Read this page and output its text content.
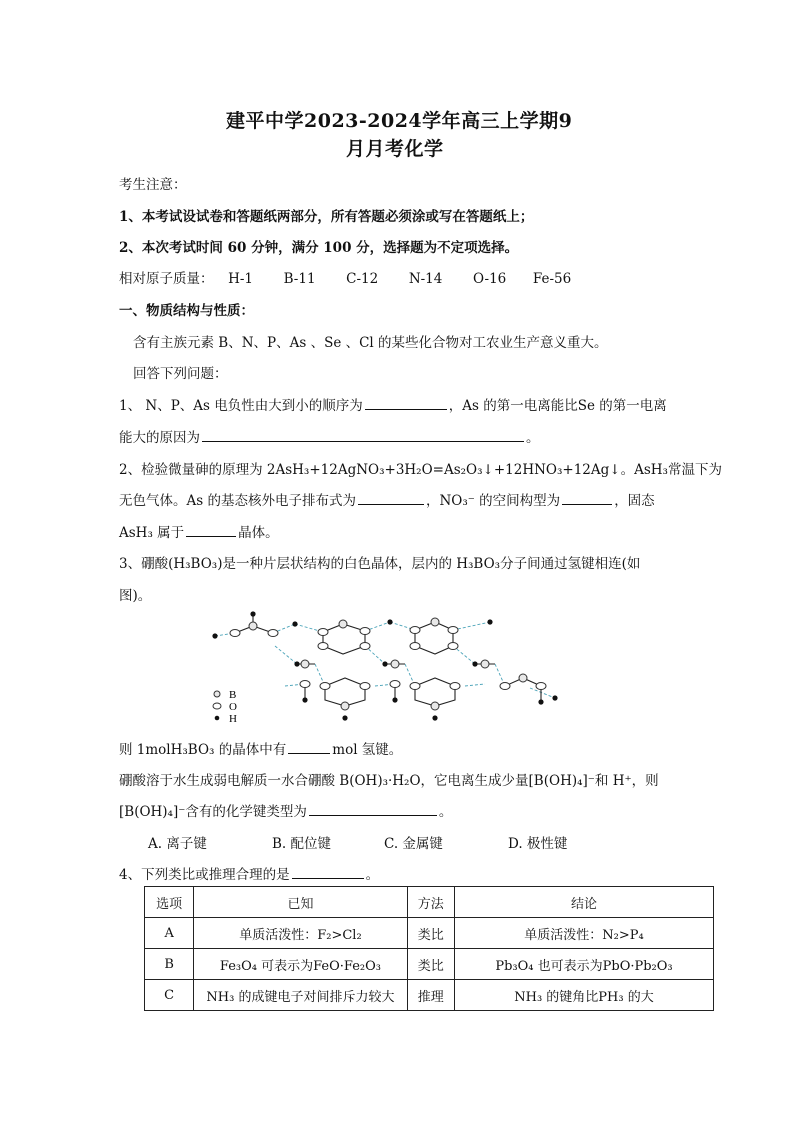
建平中学2023-2024学年高三上学期9
月月考化学
考生注意：
1、本考试设试卷和答题纸两部分，所有答题必须涂或写在答题纸上；
2、本次考试时间 60 分钟，满分 100 分，选择题为不定项选择。
相对原子质量： H-1 B-11 C-12 N-14 O-16 Fe-56
一、物质结构与性质：
含有主族元素 B、N、P、As 、Se 、Cl 的某些化合物对工农业生产意义重大。
回答下列问题：
1、 N、P、As 电负性由大到小的顺序为	，As 的第一电离能比Se 的第一电离
能大的原因为	。
2、检验微量砷的原理为 2AsH₃+12AgNO₃+3H₂O=As₂O₃↓+12HNO₃+12Ag↓。AsH₃常温下为
无色气体。As 的基态核外电子排布式为	，NO₃⁻ 的空间构型为	，固态
AsH₃ 属于	晶体。
3、硼酸(H₃BO₃)是一种片层状结构的白色晶体，层内的 H₃BO₃分子间通过氢键相连(如
图)。
B
O
H
则 1molH₃BO₃ 的晶体中有	mol 氢键。
硼酸溶于水生成弱电解质一水合硼酸 B(OH)₃·H₂O，它电离生成少量[B(OH)₄]⁻和 H⁺，则
[B(OH)₄]⁻含有的化学键类型为	。
A. 离子键	B. 配位键	C. 金属键	D. 极性键
4、下列类比或推理合理的是	。
选项	已知	方法	结论
A	单质活泼性：F₂>Cl₂	类比	单质活泼性：N₂>P₄
B	Fe₃O₄ 可表示为FeO·Fe₂O₃	类比	Pb₃O₄ 也可表示为PbO·Pb₂O₃
C	NH₃ 的成键电子对间排斥力较大	推理	NH₃ 的键角比PH₃ 的大
